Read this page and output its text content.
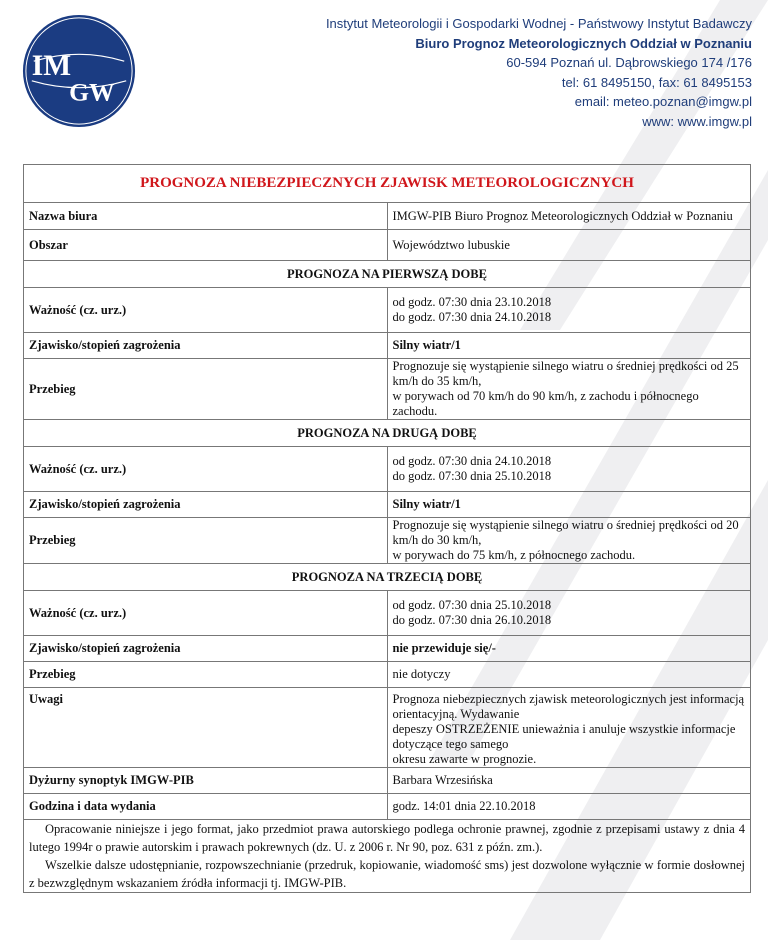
IM
GW
Instytut Meteorologii i Gospodarki Wodnej - Państwowy Instytut Badawczy
Biuro Prognoz Meteorologicznych Oddział w Poznaniu
60-594 Poznań ul. Dąbrowskiego 174 /176
tel: 61 8495150, fax: 61 8495153
email: meteo.poznan@imgw.pl
www: www.imgw.pl
PROGNOZA NIEBEZPIECZNYCH ZJAWISK METEOROLOGICZNYCH	
Nazwa biura	IMGW-PIB Biuro Prognoz Meteorologicznych Oddział w Poznaniu
Obszar	Województwo lubuskie
PROGNOZA NA PIERWSZĄ DOBĘ	
Ważność (cz. urz.)	od godz. 07:30 dnia 23.10.2018
do godz. 07:30 dnia 24.10.2018

Zjawisko/stopień zagrożenia	Silny wiatr/1
Przebieg	Prognozuje się wystąpienie silnego wiatru o średniej prędkości od 25 km/h do 35 km/h,
w porywach od 70 km/h do 90 km/h, z zachodu i północnego zachodu.

PROGNOZA NA DRUGĄ DOBĘ	
Ważność (cz. urz.)	od godz. 07:30 dnia 24.10.2018
do godz. 07:30 dnia 25.10.2018

Zjawisko/stopień zagrożenia	Silny wiatr/1
Przebieg	Prognozuje się wystąpienie silnego wiatru o średniej prędkości od 20 km/h do 30 km/h,
w porywach do 75 km/h, z północnego zachodu.

PROGNOZA NA TRZECIĄ DOBĘ	
Ważność (cz. urz.)	od godz. 07:30 dnia 25.10.2018
do godz. 07:30 dnia 26.10.2018

Zjawisko/stopień zagrożenia	nie przewiduje się/-
Przebieg	nie dotyczy
Uwagi	Prognoza niebezpiecznych zjawisk meteorologicznych jest informacją orientacyjną. Wydawanie
depeszy OSTRZEŻENIE unieważnia i anuluje wszystkie informacje dotyczące tego samego
okresu zawarte w prognozie.

Dyżurny synoptyk IMGW-PIB	Barbara Wrzesińska
Godzina i data wydania	godz. 14:01 dnia 22.10.2018

Opracowanie niniejsze i jego format, jako przedmiot prawa autorskiego podlega ochronie prawnej, zgodnie z przepisami ustawy z dnia 4 lutego 1994r o prawie autorskim i prawach pokrewnych (dz. U. z 2006 r. Nr 90, poz. 631 z późn. zm.).

Wszelkie dalsze udostępnianie, rozpowszechnianie (przedruk, kopiowanie, wiadomość sms) jest dozwolone wyłącznie w formie dosłownej z bezwzględnym wskazaniem źródła informacji tj. IMGW-PIB.	
